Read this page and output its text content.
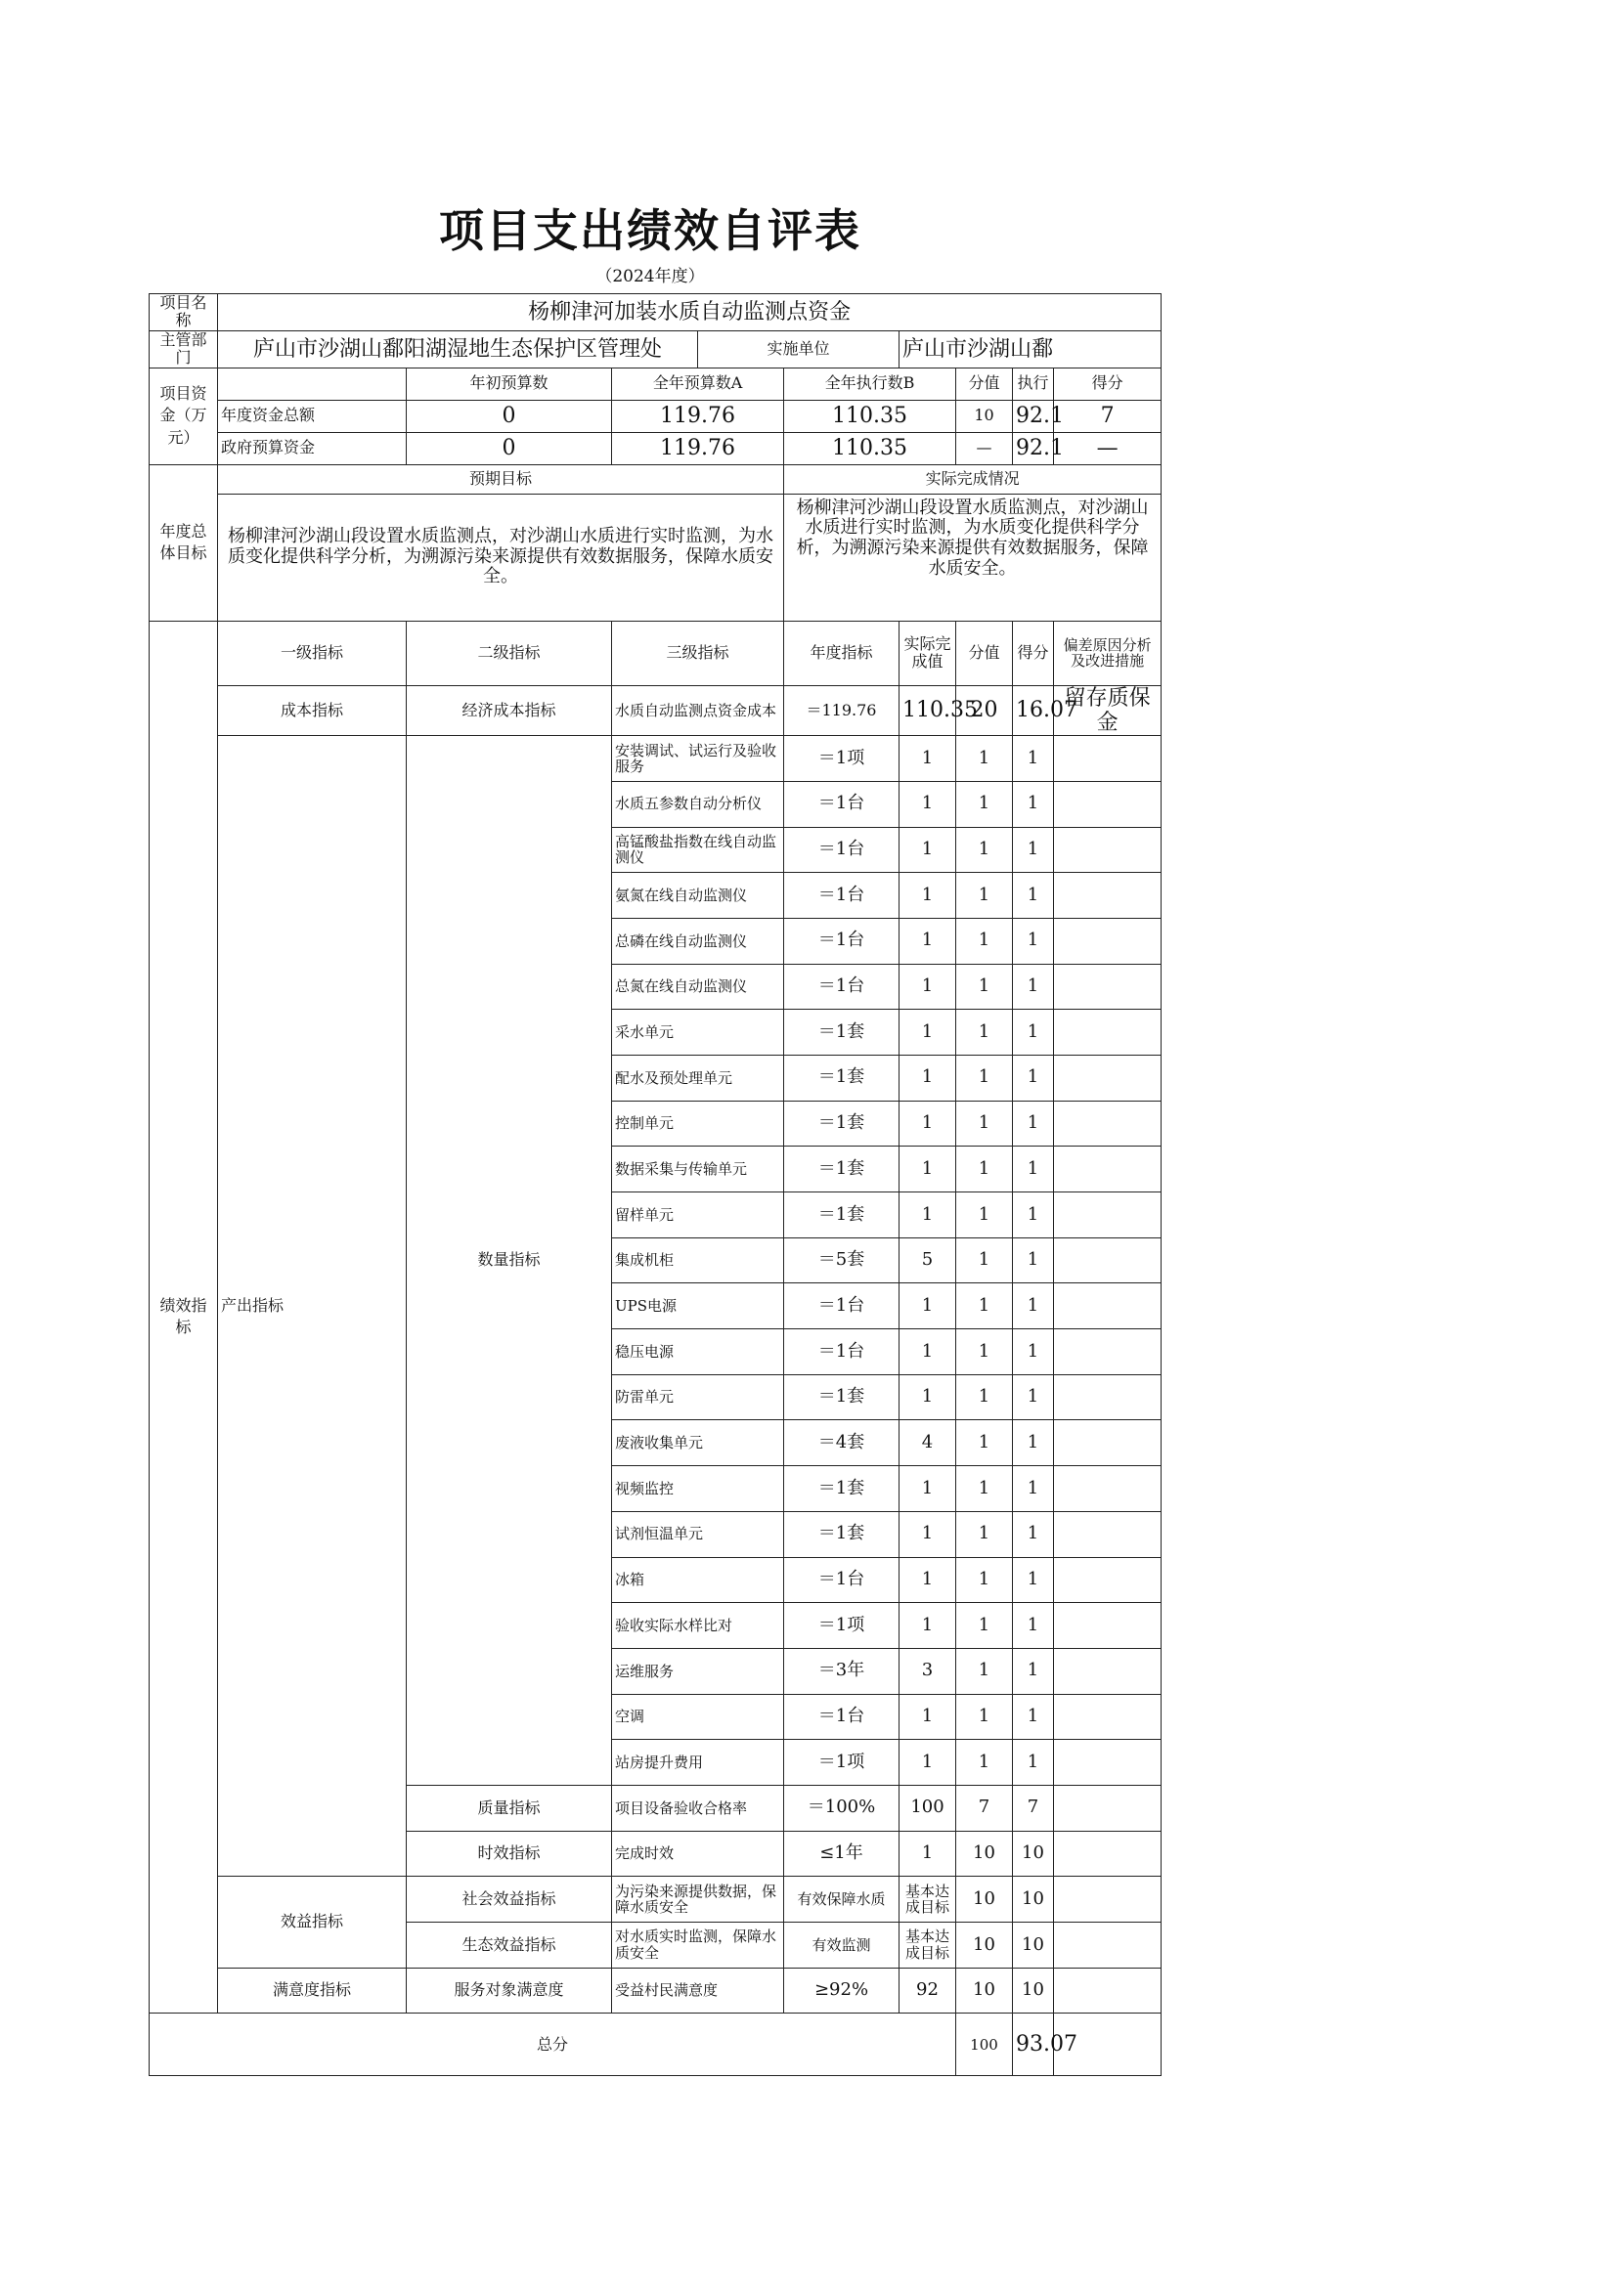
项目支出绩效自评表
（2024年度）
项目名称	杨柳津河加装水质自动监测点资金								
主管部门	庐山市沙湖山鄱阳湖湿地生态保护区管理处			实施单位		庐山市沙湖山鄱			
项目资金（万元）		年初预算数	全年预算数A		全年执行数B		分值	执行	得分
	年度资金总额	0	119.76		110.35		10	92.1	7
	政府预算资金	0	119.76		110.35		—	92.1	—
年度总体目标	预期目标				实际完成情况				
	杨柳津河沙湖山段设置水质监测点，对沙湖山水质进行实时监测，为水质变化提供科学分析，为溯源污染来源提供有效数据服务，保障水质安全。				杨柳津河沙湖山段设置水质监测点，对沙湖山水质进行实时监测，为水质变化提供科学分析，为溯源污染来源提供有效数据服务，保障水质安全。				
绩效指标	一级指标	二级指标	三级指标		年度指标	实际完成值	分值	得分	偏差原因分析及改进措施
	成本指标	经济成本指标	水质自动监测点资金成本		＝119.76	110.35	20	16.07	留存质保金
	产出指标	数量指标	安装调试、试运行及验收服务		＝1项	1	1	1	
			水质五参数自动分析仪		＝1台	1	1	1	
			高锰酸盐指数在线自动监测仪		＝1台	1	1	1	
			氨氮在线自动监测仪		＝1台	1	1	1	
			总磷在线自动监测仪		＝1台	1	1	1	
			总氮在线自动监测仪		＝1台	1	1	1	
			采水单元		＝1套	1	1	1	
			配水及预处理单元		＝1套	1	1	1	
			控制单元		＝1套	1	1	1	
			数据采集与传输单元		＝1套	1	1	1	
			留样单元		＝1套	1	1	1	
			集成机柜		＝5套	5	1	1	
			UPS电源		＝1台	1	1	1	
			稳压电源		＝1台	1	1	1	
			防雷单元		＝1套	1	1	1	
			废液收集单元		＝4套	4	1	1	
			视频监控		＝1套	1	1	1	
			试剂恒温单元		＝1套	1	1	1	
			冰箱		＝1台	1	1	1	
			验收实际水样比对		＝1项	1	1	1	
			运维服务		＝3年	3	1	1	
			空调		＝1台	1	1	1	
			站房提升费用		＝1项	1	1	1	
		质量指标	项目设备验收合格率		＝100%	100	7	7	
		时效指标	完成时效		≤1年	1	10	10	
	效益指标	社会效益指标	为污染来源提供数据，保障水质安全		有效保障水质	基本达成目标	10	10	
		生态效益指标	对水质实时监测，保障水质安全		有效监测	基本达成目标	10	10	
	满意度指标	服务对象满意度	受益村民满意度		≥92%	92	10	10	
总分							100	93.07	
